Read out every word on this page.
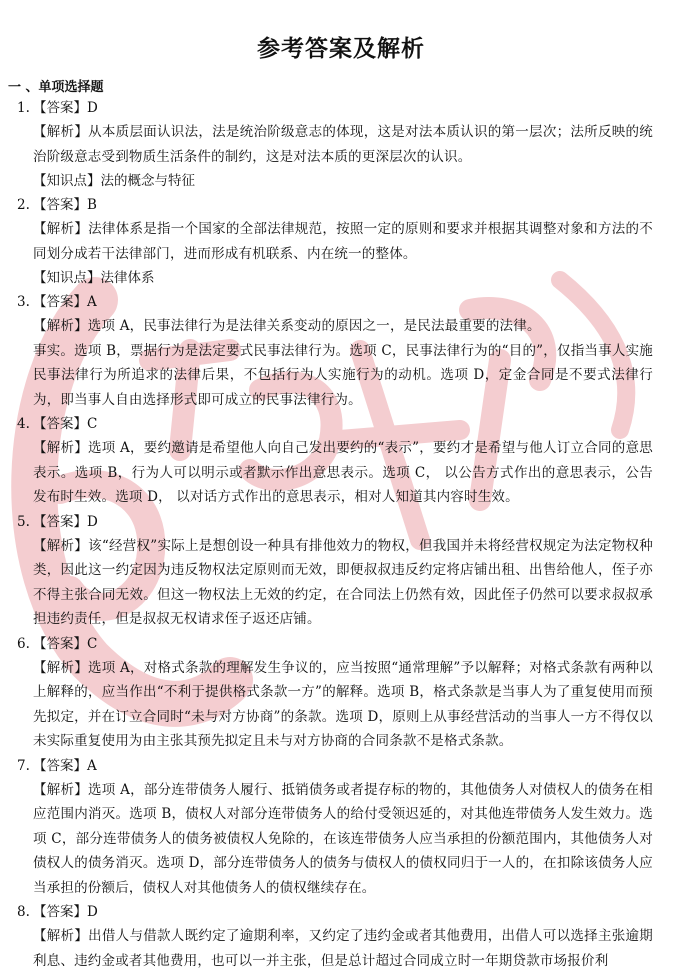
参考答案及解析
一 、单项选择题
1. 【答案】D

【解析】从本质层面认识法，法是统治阶级意志的体现，这是对法本质认识的第一层次；法所反映的统治阶级意志受到物质生活条件的制约，这是对法本质的更深层次的认识。

【知识点】法的概念与特征
2. 【答案】B

【解析】法律体系是指一个国家的全部法律规范，按照一定的原则和要求并根据其调整对象和方法的不同划分成若干法律部门，进而形成有机联系、内在统一的整体。

【知识点】法律体系
3. 【答案】A

【解析】选项 A，民事法律行为是法律关系变动的原因之一，是民法最重要的法律。

事实。选项 B，票据行为是法定要式民事法律行为。选项 C，民事法律行为的“目的”，仅指当事人实施民事法律行为所追求的法律后果，不包括行为人实施行为的动机。选项 D，定金合同是不要式法律行为，即当事人自由选择形式即可成立的民事法律行为。

4. 【答案】C

【解析】选项 A，要约邀请是希望他人向自己发出要约的“表示”，要约才是希望与他人订立合同的意思表示。选项 B，行为人可以明示或者默示作出意思表示。选项 C， 以公告方式作出的意思表示，公告发布时生效。选项 D， 以对话方式作出的意思表示，相对人知道其内容时生效。

5. 【答案】D

【解析】该“经营权”实际上是想创设一种具有排他效力的物权，但我国并未将经营权规定为法定物权种类，因此这一约定因为违反物权法定原则而无效，即便叔叔违反约定将店铺出租、出售给他人，侄子亦不得主张合同无效。但这一物权法上无效的约定，在合同法上仍然有效，因此侄子仍然可以要求叔叔承担违约责任，但是叔叔无权请求侄子返还店铺。

6. 【答案】C

【解析】选项 A，对格式条款的理解发生争议的，应当按照“通常理解”予以解释；对格式条款有两种以上解释的，应当作出“不利于提供格式条款一方”的解释。选项 B，格式条款是当事人为了重复使用而预先拟定，并在订立合同时“未与对方协商”的条款。选项 D，原则上从事经营活动的当事人一方不得仅以未实际重复使用为由主张其预先拟定且未与对方协商的合同条款不是格式条款。

7. 【答案】A

【解析】选项 A，部分连带债务人履行、抵销债务或者提存标的物的，其他债务人对债权人的债务在相应范围内消灭。选项 B，债权人对部分连带债务人的给付受领迟延的，对其他连带债务人发生效力。选项 C，部分连带债务人的债务被债权人免除的，在该连带债务人应当承担的份额范围内，其他债务人对债权人的债务消灭。选项 D，部分连带债务人的债务与债权人的债权同归于一人的，在扣除该债务人应当承担的份额后，债权人对其他债务人的债权继续存在。

8. 【答案】D

【解析】出借人与借款人既约定了逾期利率，又约定了违约金或者其他费用，出借人可以选择主张逾期利息、违约金或者其他费用，也可以一并主张，但是总计超过合同成立时一年期贷款市场报价利
